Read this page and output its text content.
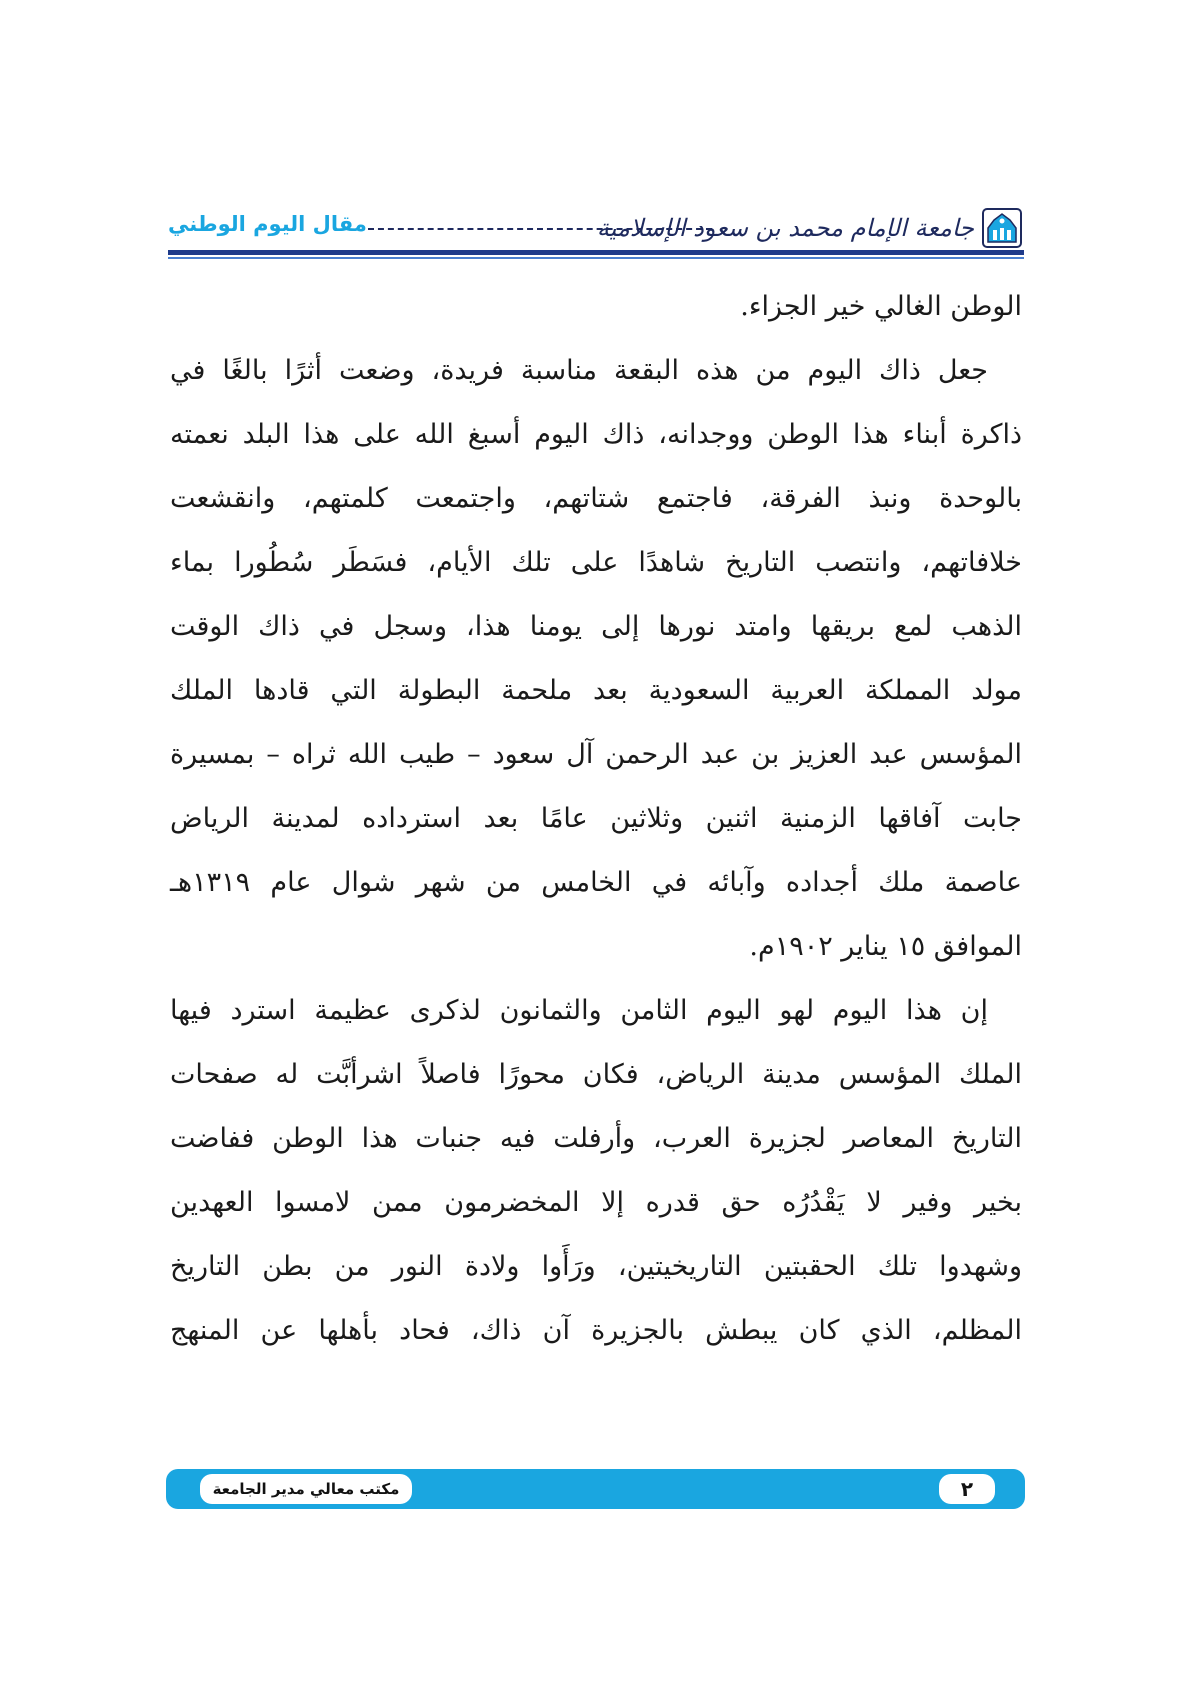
جامعة الإمام محمد بن سعود الإسلامية
مقال اليوم الوطني
الوطن الغالي خير الجزاء.
جعل ذاك اليوم من هذه البقعة مناسبة فريدة، وضعت أثرًا بالغًا في
ذاكرة أبناء هذا الوطن ووجدانه، ذاك اليوم أسبغ الله على هذا البلد نعمته
بالوحدة ونبذ الفرقة، فاجتمع شتاتهم، واجتمعت كلمتهم، وانقشعت
خلافاتهم، وانتصب التاريخ شاهدًا على تلك الأيام، فسَطَر سُطُورا بماء
الذهب لمع بريقها وامتد نورها إلى يومنا هذا، وسجل في ذاك الوقت
مولد المملكة العربية السعودية بعد ملحمة البطولة التي قادها الملك
المؤسس عبد العزيز بن عبد الرحمن آل سعود – طيب الله ثراه – بمسيرة
جابت آفاقها الزمنية اثنين وثلاثين عامًا بعد استرداده لمدينة الرياض
عاصمة ملك أجداده وآبائه في الخامس من شهر شوال عام ١٣١٩هـ
الموافق ١٥ يناير ١٩٠٢م.
إن هذا اليوم لهو اليوم الثامن والثمانون لذكرى عظيمة استرد فيها
الملك المؤسس مدينة الرياض، فكان محورًا فاصلاً اشرأبَّت له صفحات
التاريخ المعاصر لجزيرة العرب، وأرفلت فيه جنبات هذا الوطن ففاضت
بخير وفير لا يَقْدُرُه حق قدره إلا المخضرمون ممن لامسوا العهدين
وشهدوا تلك الحقبتين التاريخيتين، ورَأَوا ولادة النور من بطن التاريخ
المظلم، الذي كان يبطش بالجزيرة آن ذاك، فحاد بأهلها عن المنهج
٢
مكتب معالي مدير الجامعة
